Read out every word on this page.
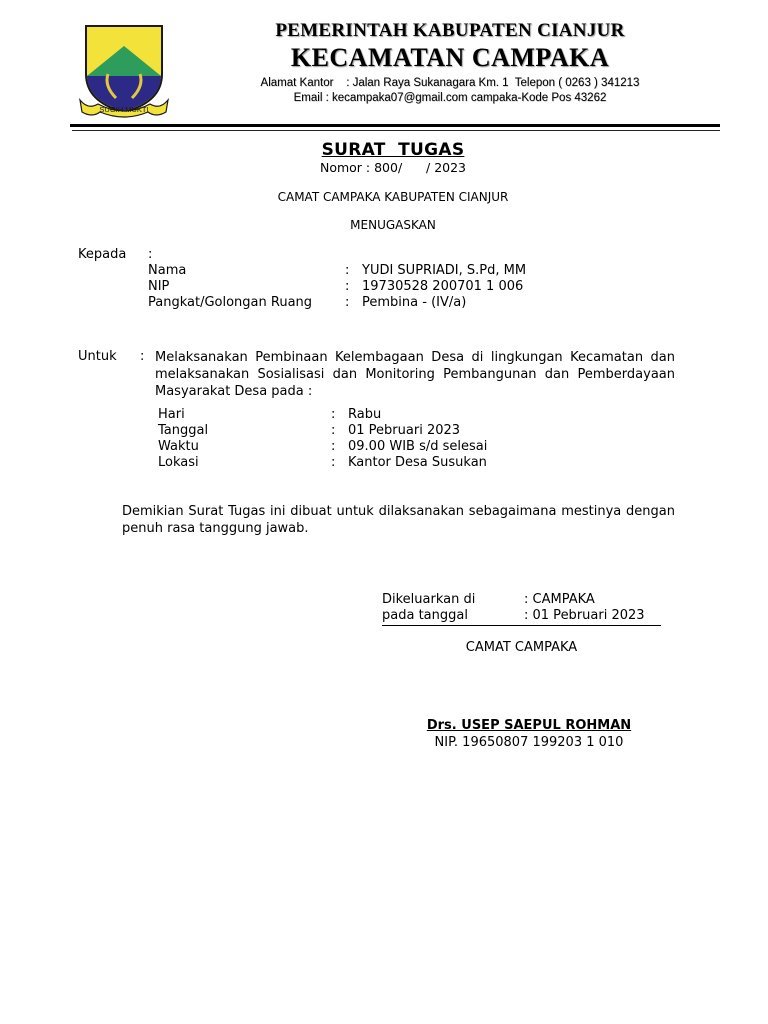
SUGIH MUKTI
PEMERINTAH KABUPATEN CIANJUR
KECAMATAN CAMPAKA
Alamat Kantor    : Jalan Raya Sukanagara Km. 1  Telepon ( 0263 ) 341213
Email : kecampaka07@gmail.com campaka-Kode Pos 43262
SURAT  TUGAS
Nomor : 800/      / 2023
CAMAT CAMPAKA KABUPATEN CIANJUR
MENUGASKAN
Kepada :
Nama	: YUDI SUPRIADI, S.Pd, MM
NIP	: 19730528 200701 1 006
Pangkat/Golongan Ruang	: Pembina - (IV/a)
Untuk : Melaksanakan Pembinaan Kelembagaan Desa di lingkungan Kecamatan dan melaksanakan Sosialisasi dan Monitoring Pembangunan dan Pemberdayaan Masyarakat Desa pada :
Hari	: Rabu
Tanggal	: 01 Pebruari 2023
Waktu	: 09.00 WIB s/d selesai
Lokasi	: Kantor Desa Susukan
Demikian Surat Tugas ini dibuat untuk dilaksanakan sebagaimana mestinya dengan penuh rasa tanggung jawab.
Dikeluarkan di	: CAMPAKA
pada tanggal	: 01 Pebruari 2023
CAMAT CAMPAKA
Drs. USEP SAEPUL ROHMAN
NIP. 19650807 199203 1 010
